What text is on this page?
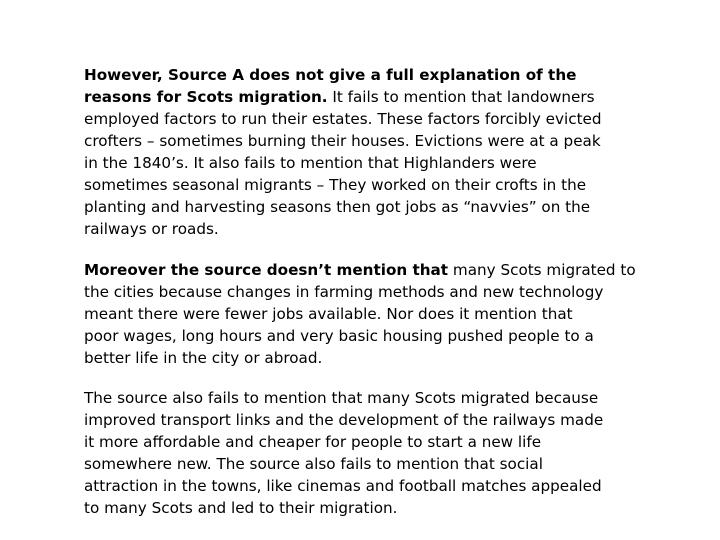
However, Source A does not give a full explanation of the
reasons for Scots migration. It fails to mention that landowners
employed factors to run their estates. These factors forcibly evicted
crofters – sometimes burning their houses. Evictions were at a peak
in the 1840’s. It also fails to mention that Highlanders were
sometimes seasonal migrants – They worked on their crofts in the
planting and harvesting seasons then got jobs as “navvies” on the
railways or roads.

Moreover the source doesn’t mention that many Scots migrated to
the cities because changes in farming methods and new technology
meant there were fewer jobs available. Nor does it mention that
poor wages, long hours and very basic housing pushed people to a
better life in the city or abroad.

The source also fails to mention that many Scots migrated because
improved transport links and the development of the railways made
it more affordable and cheaper for people to start a new life
somewhere new. The source also fails to mention that social
attraction in the towns, like cinemas and football matches appealed
to many Scots and led to their migration.
